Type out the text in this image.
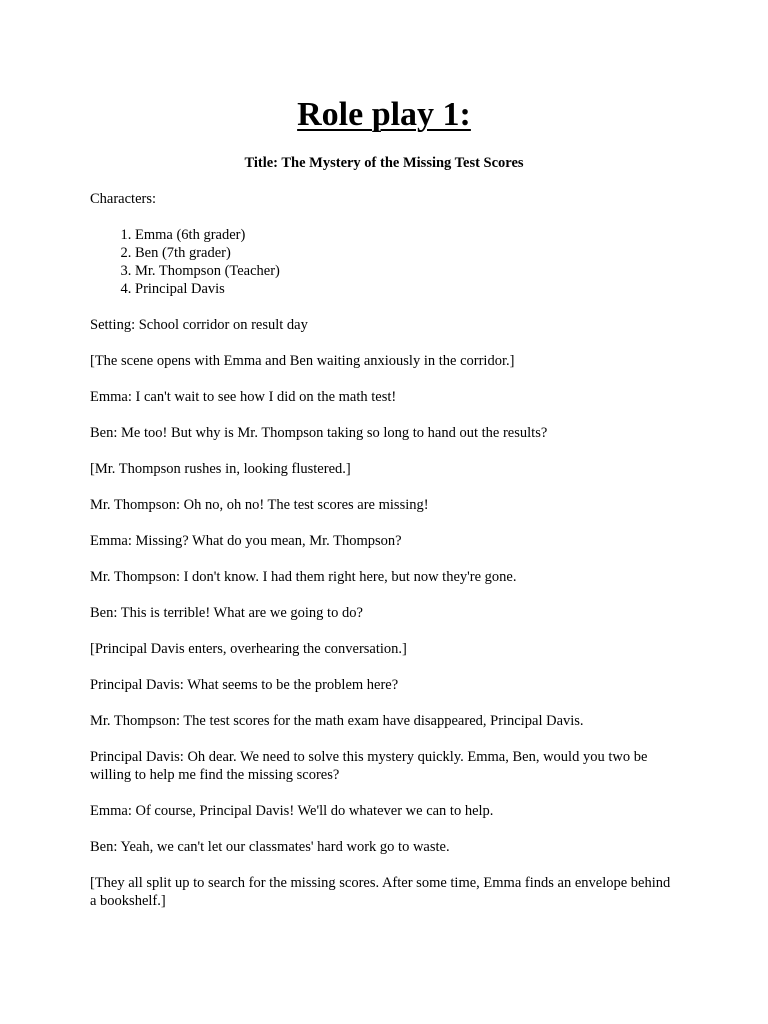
Role play 1:
Title: The Mystery of the Missing Test Scores

Characters:

1. Emma (6th grader)
2. Ben (7th grader)
3. Mr. Thompson (Teacher)
4. Principal Davis

Setting: School corridor on result day

[The scene opens with Emma and Ben waiting anxiously in the corridor.]

Emma: I can't wait to see how I did on the math test!

Ben: Me too! But why is Mr. Thompson taking so long to hand out the results?

[Mr. Thompson rushes in, looking flustered.]

Mr. Thompson: Oh no, oh no! The test scores are missing!

Emma: Missing? What do you mean, Mr. Thompson?

Mr. Thompson: I don't know. I had them right here, but now they're gone.

Ben: This is terrible! What are we going to do?

[Principal Davis enters, overhearing the conversation.]

Principal Davis: What seems to be the problem here?

Mr. Thompson: The test scores for the math exam have disappeared, Principal Davis.

Principal Davis: Oh dear. We need to solve this mystery quickly. Emma, Ben, would you two be willing to help me find the missing scores?

Emma: Of course, Principal Davis! We'll do whatever we can to help.

Ben: Yeah, we can't let our classmates' hard work go to waste.

[They all split up to search for the missing scores. After some time, Emma finds an envelope behind a bookshelf.]
